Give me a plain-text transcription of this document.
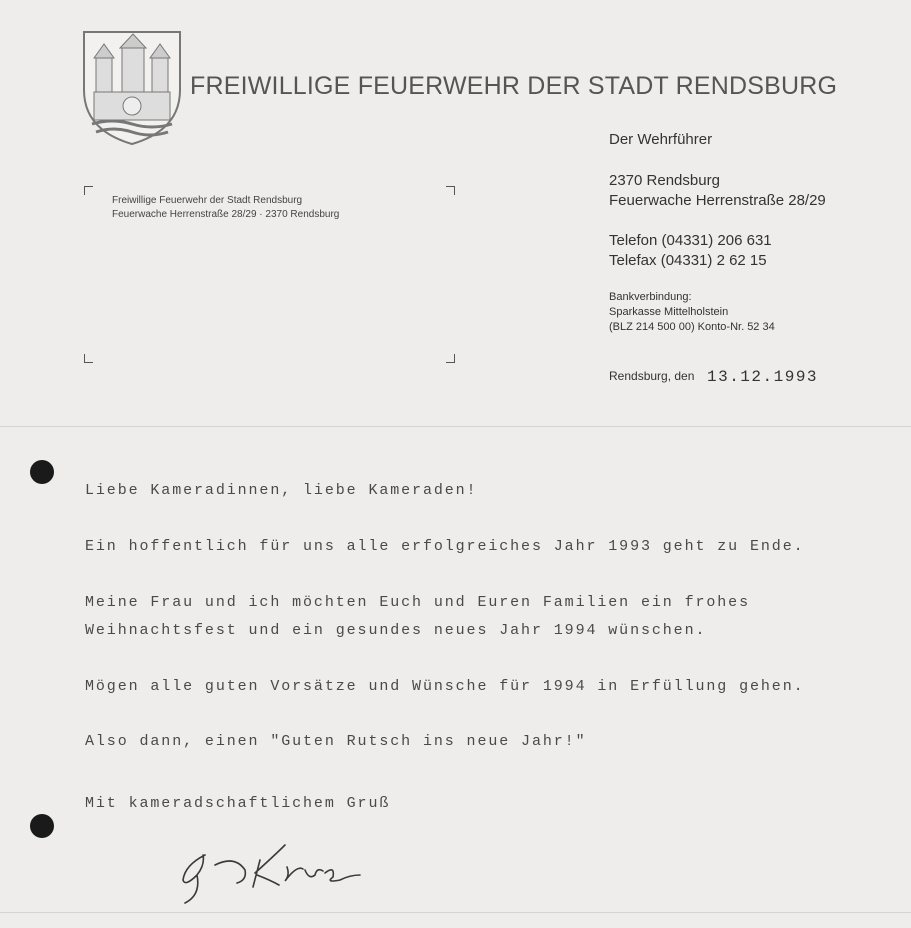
FREIWILLIGE FEUERWEHR DER STADT RENDSBURG
Freiwillige Feuerwehr der Stadt Rendsburg
Feuerwache Herrenstraße 28/29 · 2370 Rendsburg
Der Wehrführer
2370 Rendsburg
Feuerwache Herrenstraße 28/29
Telefon (04331) 206 631
Telefax (04331) 2 62 15
Bankverbindung:
Sparkasse Mittelholstein
(BLZ 214 500 00) Konto-Nr. 52 34
Rendsburg, den 13.12.1993
Liebe Kameradinnen, liebe Kameraden!
Ein hoffentlich für uns alle erfolgreiches Jahr 1993 geht zu Ende.
Meine Frau und ich möchten Euch und Euren Familien ein frohes
Weihnachtsfest und ein gesundes neues Jahr 1994 wünschen.
Mögen alle guten Vorsätze und Wünsche für 1994 in Erfüllung gehen.
Also dann, einen "Guten Rutsch ins neue Jahr!"
Mit kameradschaftlichem Gruß
